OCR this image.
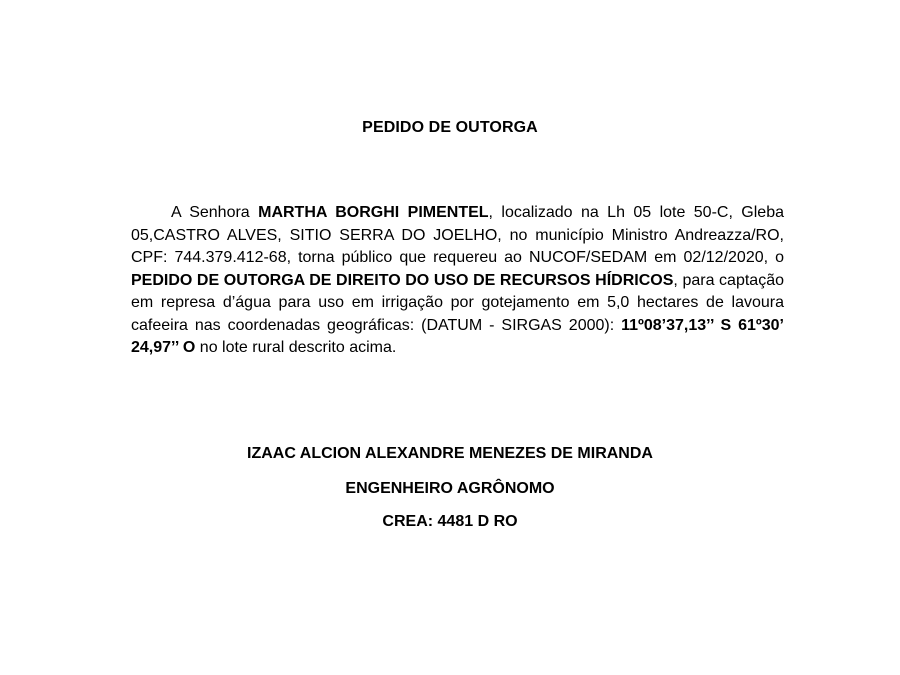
PEDIDO DE OUTORGA

A Senhora MARTHA BORGHI PIMENTEL, localizado na Lh 05 lote 50-C, Gleba 05,CASTRO ALVES, SITIO SERRA DO JOELHO, no município Ministro Andreazza/RO, CPF: 744.379.412-68, torna público que requereu ao NUCOF/SEDAM em 02/12/2020, o PEDIDO DE OUTORGA DE DIREITO DO USO DE RECURSOS HÍDRICOS, para captação em represa d’água para uso em irrigação por gotejamento em 5,0 hectares de lavoura cafeeira nas coordenadas geográficas: (DATUM - SIRGAS 2000): 11º08’37,13’’ S 61º30’ 24,97’’ O no lote rural descrito acima.

IZAAC ALCION ALEXANDRE MENEZES DE MIRANDA
ENGENHEIRO AGRÔNOMO
CREA: 4481 D RO
